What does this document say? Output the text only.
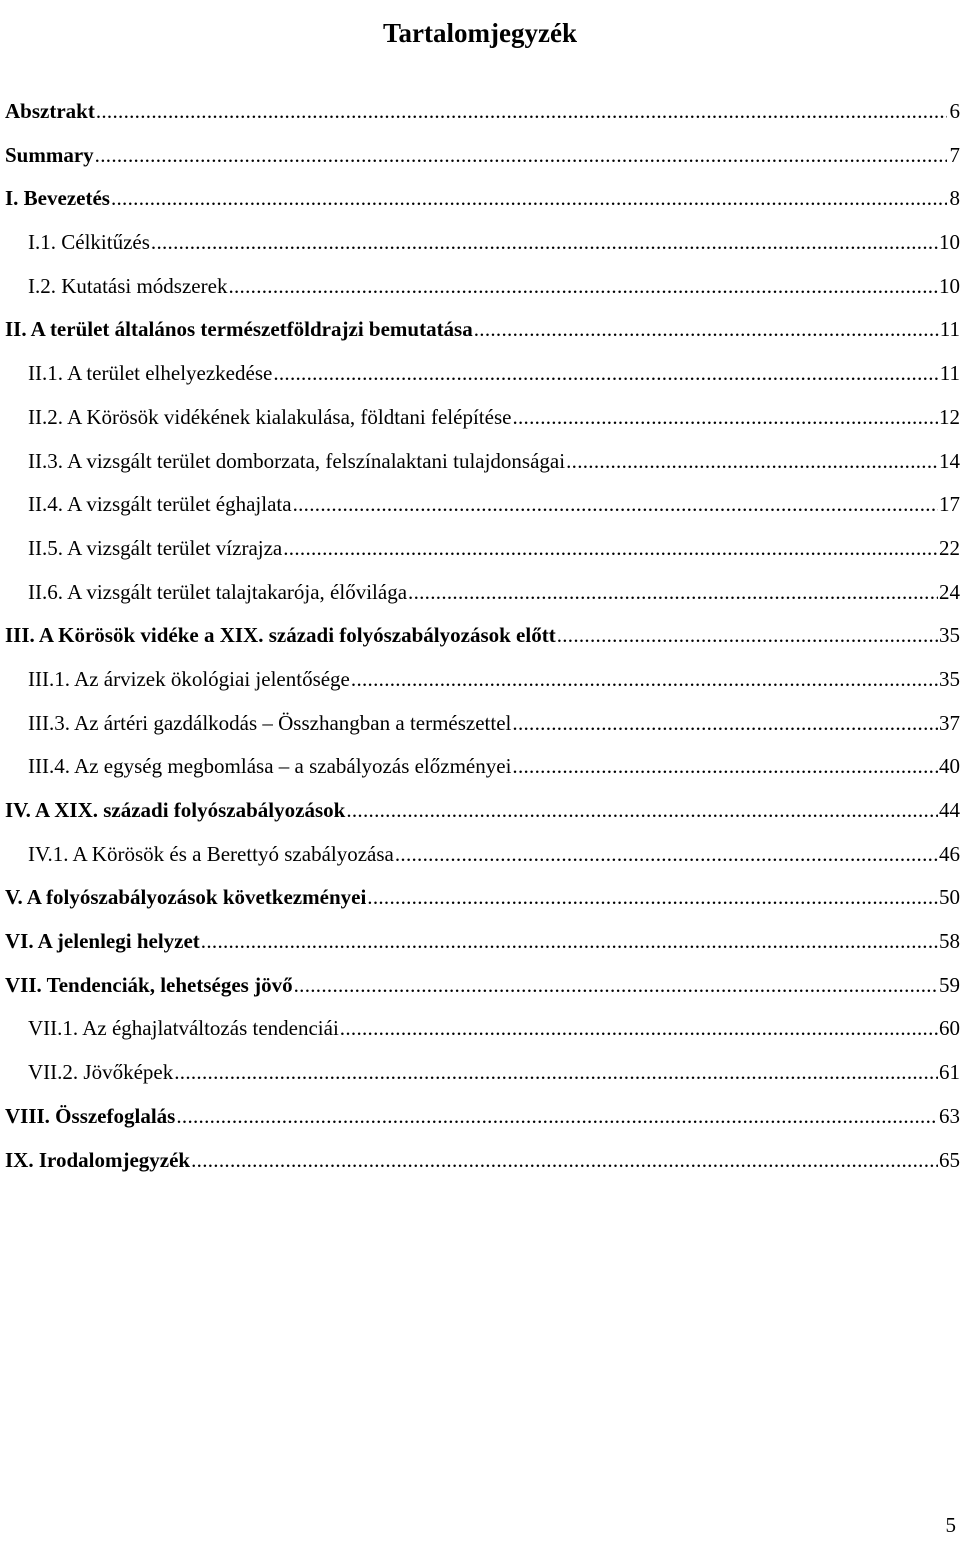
Tartalomjegyzék
Absztrakt .....	6
Summary .....	7
I. Bevezetés .....	8
I.1. Célkitűzés .....	10
I.2. Kutatási módszerek .....	10
II. A terület általános természetföldrajzi bemutatása .....	11
II.1. A terület elhelyezkedése .....	11
II.2. A Körösök vidékének kialakulása, földtani felépítése .....	12
II.3. A vizsgált terület domborzata, felszínalaktani tulajdonságai .....	14
II.4. A vizsgált terület éghajlata .....	17
II.5. A vizsgált terület vízrajza .....	22
II.6. A vizsgált terület talajtakarója, élővilága .....	24
III. A Körösök vidéke a XIX. századi folyószabályozások előtt .....	35
III.1. Az árvizek ökológiai jelentősége .....	35
III.3. Az ártéri gazdálkodás – Összhangban a természettel .....	37
III.4. Az egység megbomlása – a szabályozás előzményei .....	40
IV. A XIX. századi folyószabályozások .....	44
IV.1. A Körösök és a Berettyó szabályozása .....	46
V. A folyószabályozások következményei .....	50
VI. A jelenlegi helyzet .....	58
VII. Tendenciák, lehetséges jövő .....	59
VII.1. Az éghajlatváltozás tendenciái .....	60
VII.2. Jövőképek .....	61
VIII. Összefoglalás .....	63
IX. Irodalomjegyzék .....	65
5
